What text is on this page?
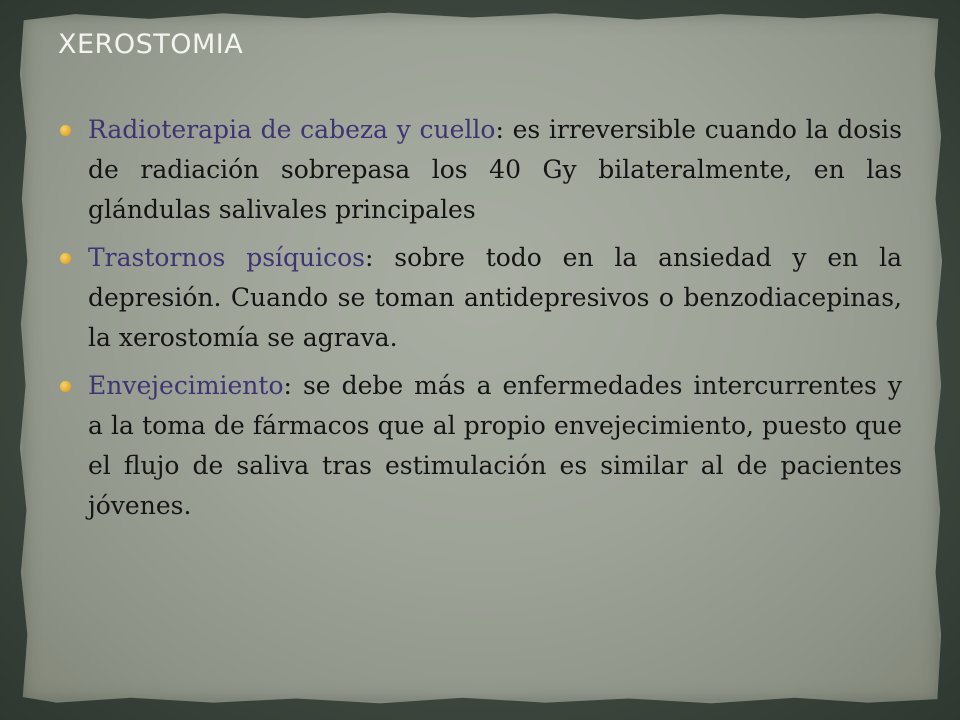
XEROSTOMIA
Radioterapia de cabeza y cuello: es irreversible cuando la dosis de radiación sobrepasa los 40 Gy bilateralmente, en las glándulas salivales principales
Trastornos psíquicos: sobre todo en la ansiedad y en la depresión. Cuando se toman antidepresivos o benzodiacepinas, la xerostomía se agrava.
Envejecimiento: se debe más a enfermedades intercurrentes y a la toma de fármacos que al propio envejecimiento, puesto que el flujo de saliva tras estimulación es similar al de pacientes jóvenes.
